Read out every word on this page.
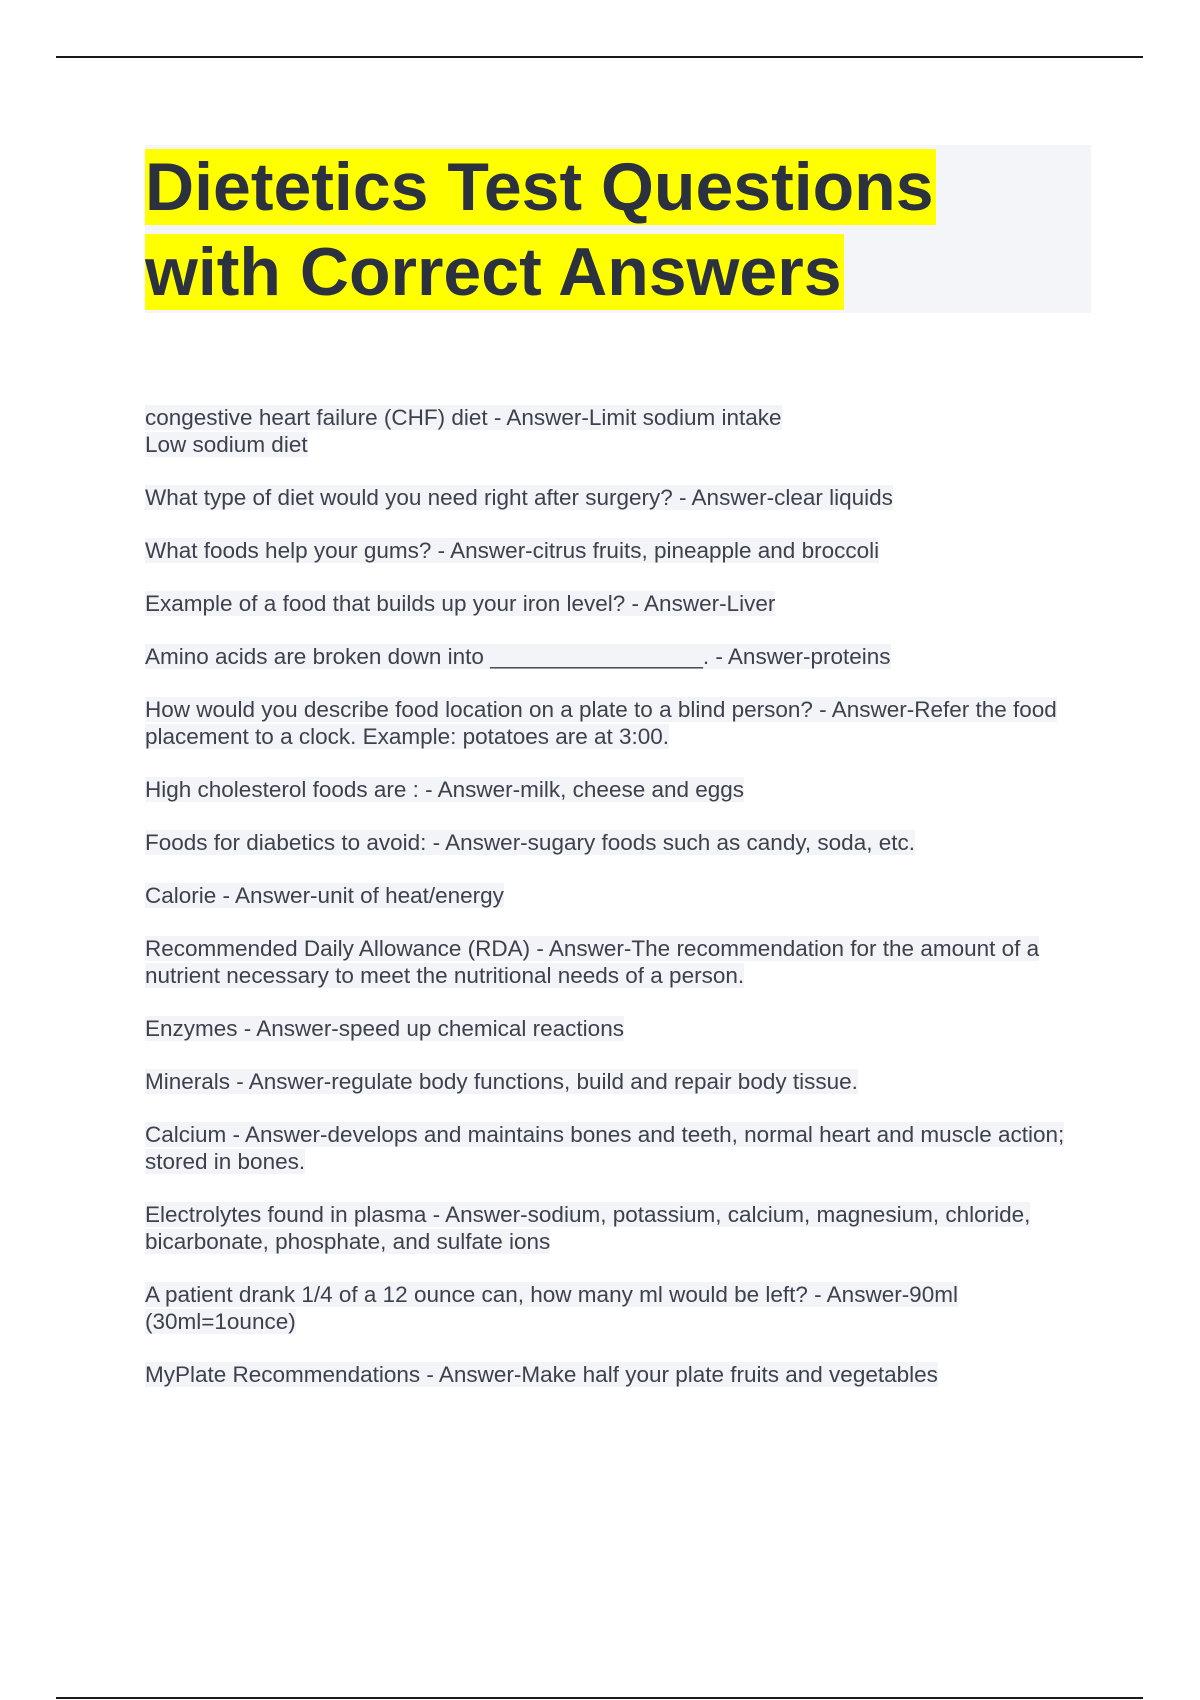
Dietetics Test Questions
with Correct Answers
congestive heart failure (CHF) diet - Answer-Limit sodium intake
Low sodium diet
What type of diet would you need right after surgery? - Answer-clear liquids
What foods help your gums? - Answer-citrus fruits, pineapple and broccoli
Example of a food that builds up your iron level? - Answer-Liver
Amino acids are broken down into _________________. - Answer-proteins
How would you describe food location on a plate to a blind person? - Answer-Refer the food placement to a clock. Example: potatoes are at 3:00.
High cholesterol foods are : - Answer-milk, cheese and eggs
Foods for diabetics to avoid: - Answer-sugary foods such as candy, soda, etc.
Calorie - Answer-unit of heat/energy
Recommended Daily Allowance (RDA) - Answer-The recommendation for the amount of a nutrient necessary to meet the nutritional needs of a person.
Enzymes - Answer-speed up chemical reactions
Minerals - Answer-regulate body functions, build and repair body tissue.
Calcium - Answer-develops and maintains bones and teeth, normal heart and muscle action; stored in bones.
Electrolytes found in plasma - Answer-sodium, potassium, calcium, magnesium, chloride, bicarbonate, phosphate, and sulfate ions
A patient drank 1/4 of a 12 ounce can, how many ml would be left? - Answer-90ml (30ml=1ounce)
MyPlate Recommendations - Answer-Make half your plate fruits and vegetables
